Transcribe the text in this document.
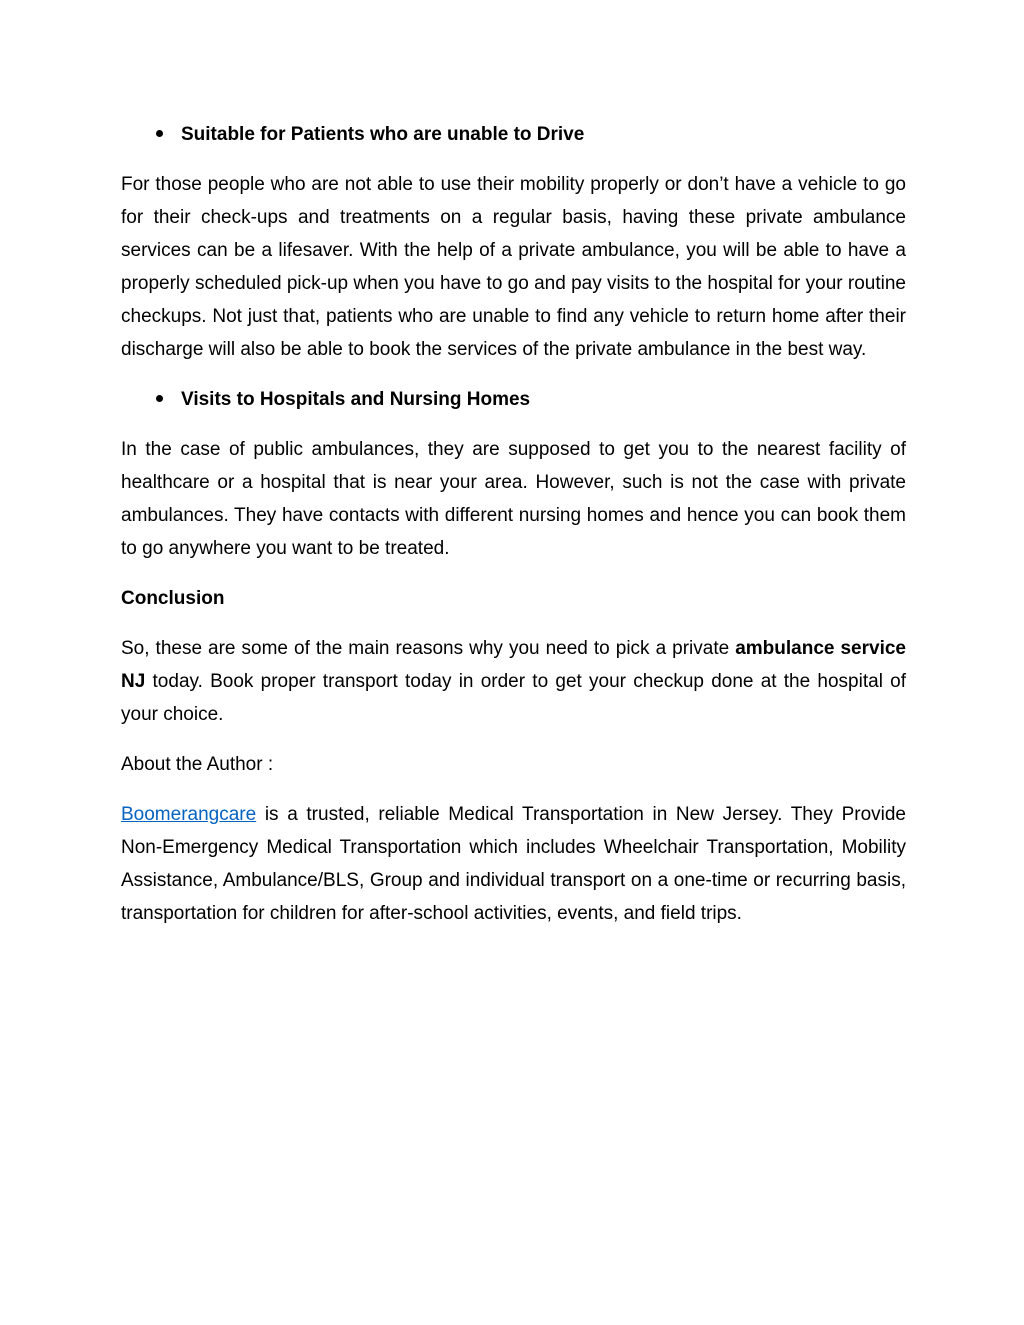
Suitable for Patients who are unable to Drive

For those people who are not able to use their mobility properly or don’t have a vehicle to go for their check-ups and treatments on a regular basis, having these private ambulance services can be a lifesaver. With the help of a private ambulance, you will be able to have a properly scheduled pick-up when you have to go and pay visits to the hospital for your routine checkups. Not just that, patients who are unable to find any vehicle to return home after their discharge will also be able to book the services of the private ambulance in the best way.

Visits to Hospitals and Nursing Homes

In the case of public ambulances, they are supposed to get you to the nearest facility of healthcare or a hospital that is near your area. However, such is not the case with private ambulances. They have contacts with different nursing homes and hence you can book them to go anywhere you want to be treated.

Conclusion

So, these are some of the main reasons why you need to pick a private ambulance service NJ today. Book proper transport today in order to get your checkup done at the hospital of your choice.

About the Author :

Boomerangcare is a trusted, reliable Medical Transportation in New Jersey. They Provide Non-Emergency Medical Transportation which includes Wheelchair Transportation, Mobility Assistance, Ambulance/BLS, Group and individual transport on a one-time or recurring basis, transportation for children for after-school activities, events, and field trips.
